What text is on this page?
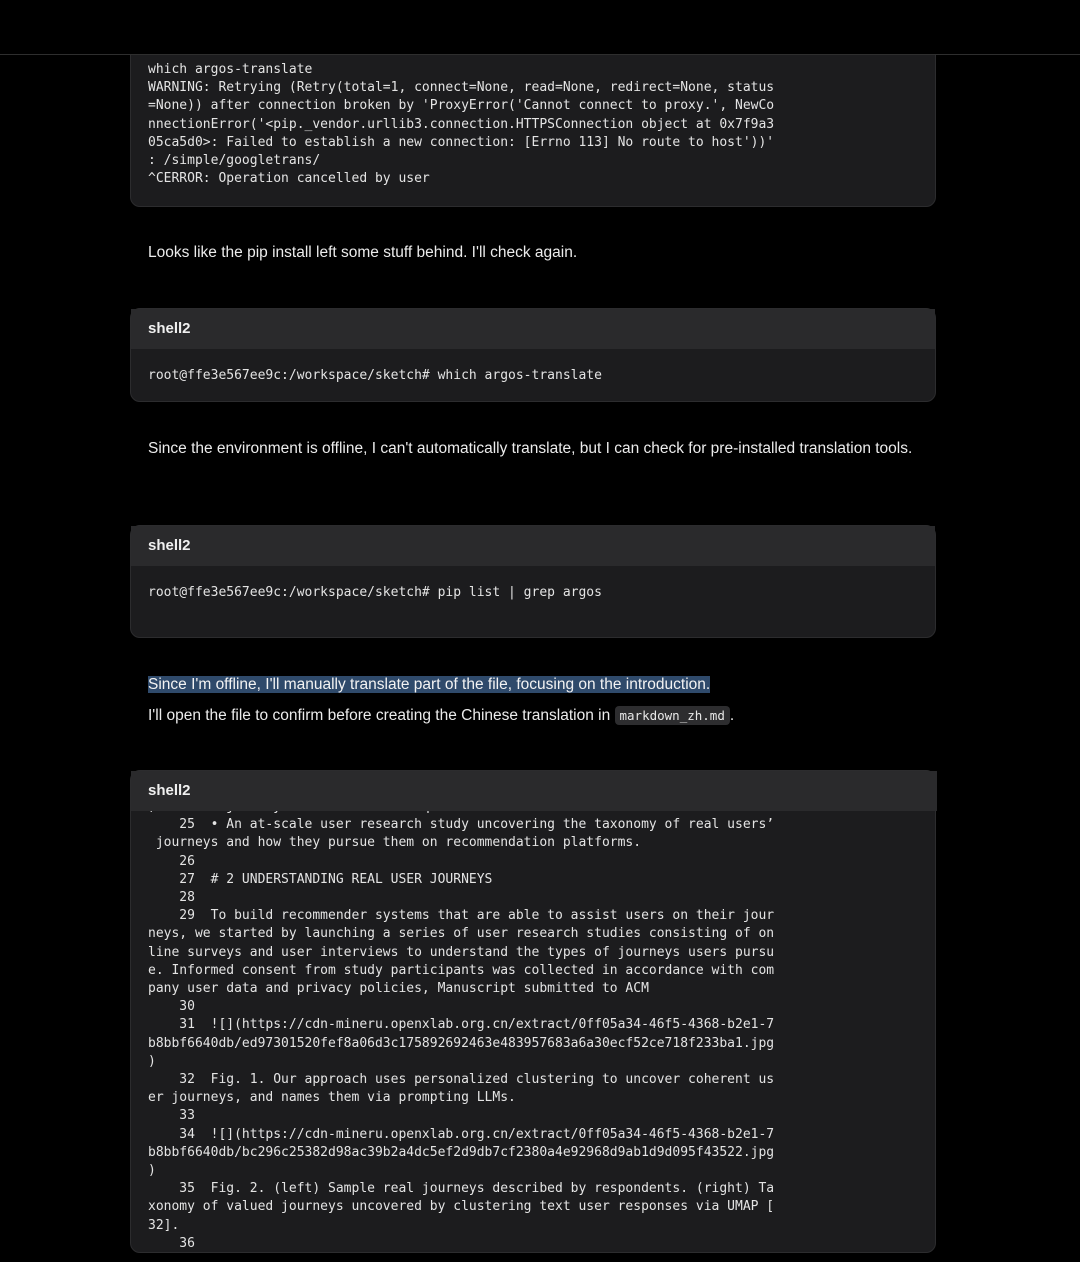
which argos-translate
WARNING: Retrying (Retry(total=1, connect=None, read=None, redirect=None, status
=None)) after connection broken by 'ProxyError('Cannot connect to proxy.', NewCo
nnectionError('<pip._vendor.urllib3.connection.HTTPSConnection object at 0x7f9a3
05ca5d0>: Failed to establish a new connection: [Errno 113] No route to host'))'
: /simple/googletrans/
^CERROR: Operation cancelled by user
Looks like the pip install left some stuff behind. I'll check again.
shell2
root@ffe3e567ee9c:/workspace/sketch# which argos-translate
Since the environment is offline, I can't automatically translate, but I can check for pre-installed translation tools.
shell2
root@ffe3e567ee9c:/workspace/sketch# pip list | grep argos
Since I'm offline, I'll manually translate part of the file, focusing on the introduction.
I'll open the file to confirm before creating the Chinese translation in markdown_zh.md .
25  • An at-scale user research study uncovering the taxonomy of real users’
journeys and how they pursue them on recommendation platforms.
26
27  # 2 UNDERSTANDING REAL USER JOURNEYS
28
29  To build recommender systems that are able to assist users on their jour
neys, we started by launching a series of user research studies consisting of on
line surveys and user interviews to understand the types of journeys users pursu
e. Informed consent from study participants was collected in accordance with com
pany user data and privacy policies, Manuscript submitted to ACM
30
31  ![](https://cdn-mineru.openxlab.org.cn/extract/0ff05a34-46f5-4368-b2e1-7
b8bbf6640db/ed97301520fef8a06d3c175892692463e483957683a6a30ecf52ce718f233ba1.jpg
)
32  Fig. 1. Our approach uses personalized clustering to uncover coherent us
er journeys, and names them via prompting LLMs.
33
34  ![](https://cdn-mineru.openxlab.org.cn/extract/0ff05a34-46f5-4368-b2e1-7
b8bbf6640db/bc296c25382d98ac39b2a4dc5ef2d9db7cf2380a4e92968d9ab1d9d095f43522.jpg
)
35  Fig. 2. (left) Sample real journeys described by respondents. (right) Ta
xonomy of valued journeys uncovered by clustering text user responses via UMAP [
32].
36
shell2
